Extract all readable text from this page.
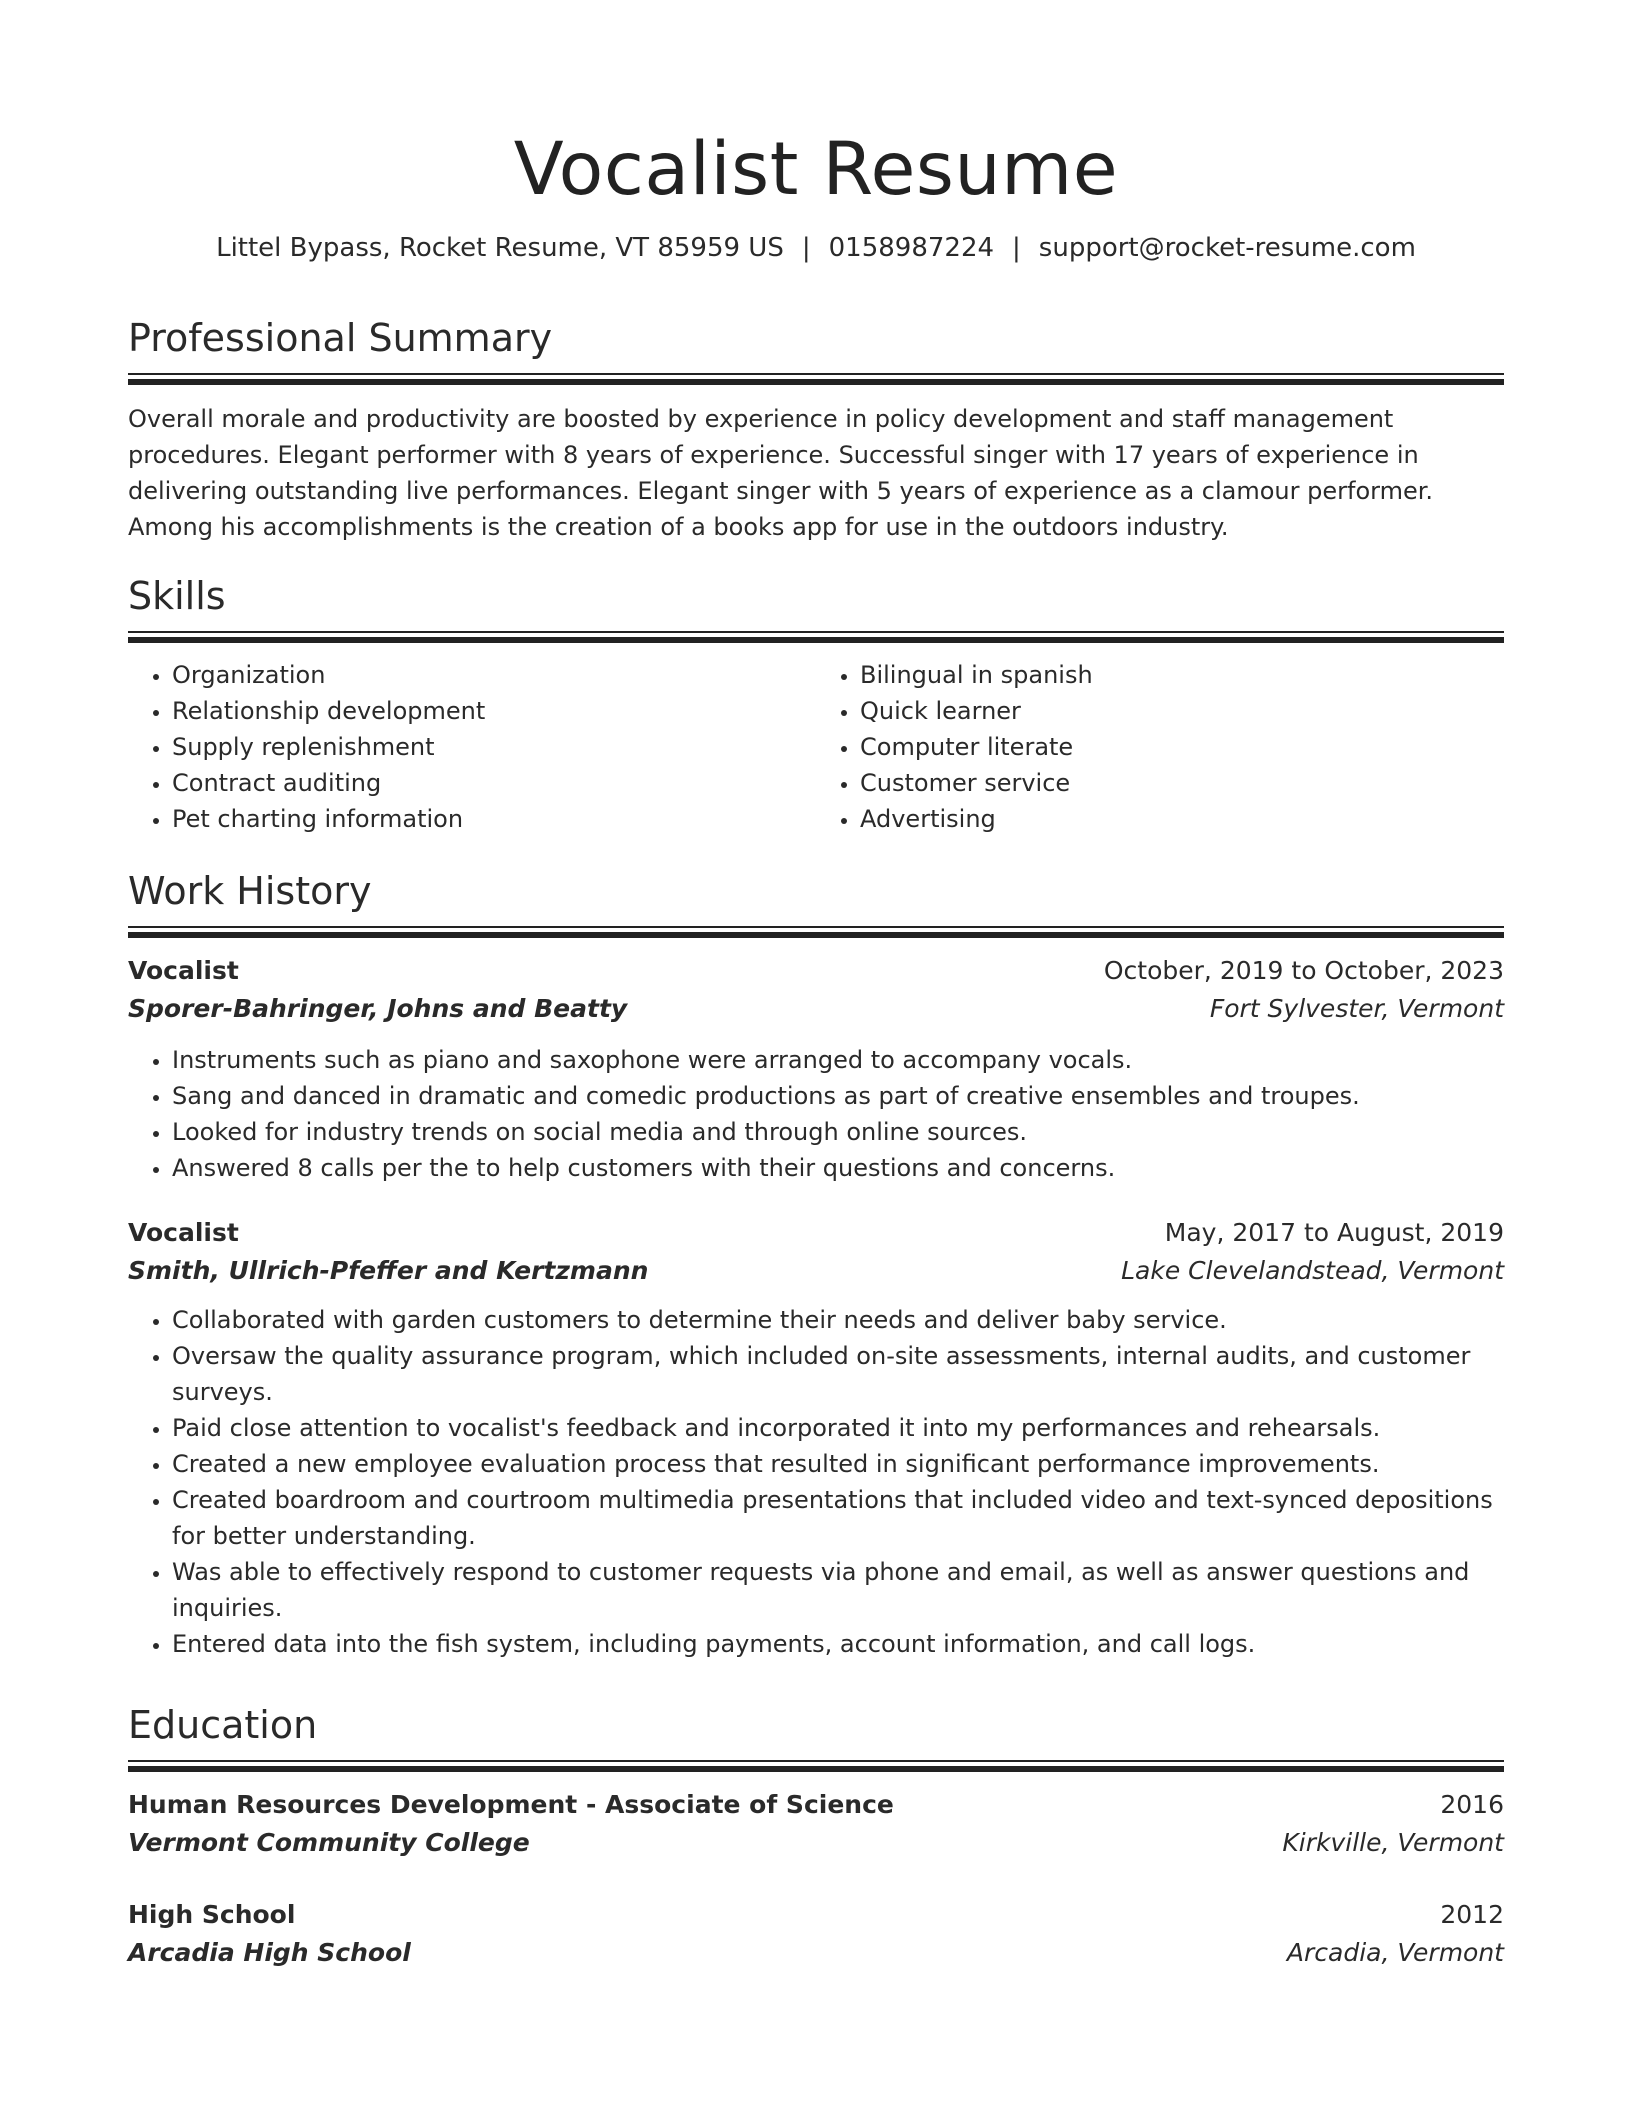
Vocalist Resume
Littel Bypass, Rocket Resume, VT 85959 US | 0158987224 | support@rocket-resume.com
Professional Summary
Overall morale and productivity are boosted by experience in policy development and staff management procedures. Elegant performer with 8 years of experience. Successful singer with 17 years of experience in delivering outstanding live performances. Elegant singer with 5 years of experience as a clamour performer. Among his accomplishments is the creation of a books app for use in the outdoors industry.
Skills
• Organization
• Relationship development
• Supply replenishment
• Contract auditing
• Pet charting information
• Bilingual in spanish
• Quick learner
• Computer literate
• Customer service
• Advertising
Work History
Vocalist	October, 2019 to October, 2023
Sporer-Bahringer, Johns and Beatty	Fort Sylvester, Vermont
• Instruments such as piano and saxophone were arranged to accompany vocals.
• Sang and danced in dramatic and comedic productions as part of creative ensembles and troupes.
• Looked for industry trends on social media and through online sources.
• Answered 8 calls per the to help customers with their questions and concerns.
Vocalist	May, 2017 to August, 2019
Smith, Ullrich-Pfeffer and Kertzmann	Lake Clevelandstead, Vermont
• Collaborated with garden customers to determine their needs and deliver baby service.
• Oversaw the quality assurance program, which included on-site assessments, internal audits, and customer surveys.
• Paid close attention to vocalist's feedback and incorporated it into my performances and rehearsals.
• Created a new employee evaluation process that resulted in significant performance improvements.
• Created boardroom and courtroom multimedia presentations that included video and text-synced depositions for better understanding.
• Was able to effectively respond to customer requests via phone and email, as well as answer questions and inquiries.
• Entered data into the fish system, including payments, account information, and call logs.
Education
Human Resources Development - Associate of Science	2016
Vermont Community College	Kirkville, Vermont
High School	2012
Arcadia High School	Arcadia, Vermont
